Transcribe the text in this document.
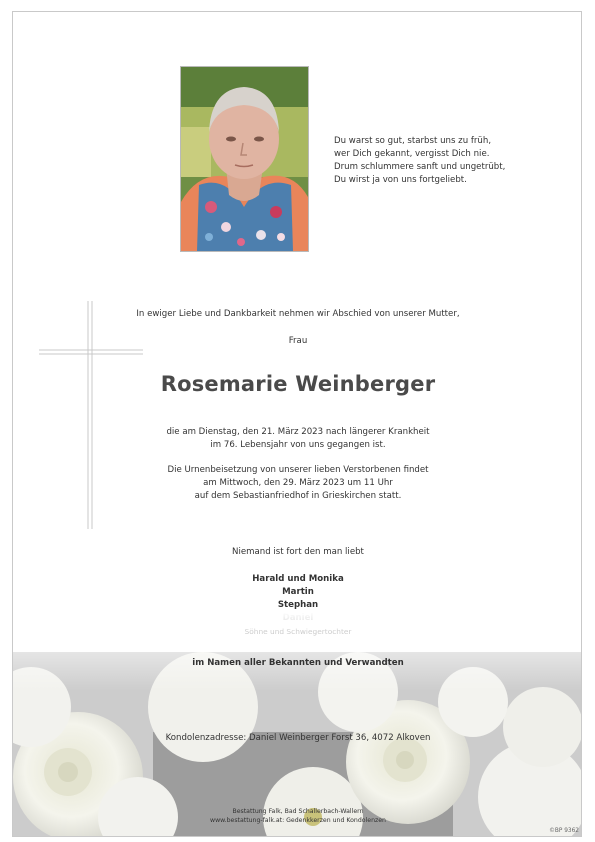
Du warst so gut, starbst uns zu früh,
wer Dich gekannt, vergisst Dich nie.
Drum schlummere sanft und ungetrübt,
Du wirst ja von uns fortgeliebt.
In ewiger Liebe und Dankbarkeit nehmen wir Abschied von unserer Mutter,
Frau
Rosemarie Weinberger
die am Dienstag, den 21. März 2023 nach längerer Krankheit
im 76. Lebensjahr von uns gegangen ist.
Die Urnenbeisetzung von unserer lieben Verstorbenen findet
am Mittwoch, den 29. März 2023 um 11 Uhr
auf dem Sebastianfriedhof in Grieskirchen statt.
Niemand ist fort den man liebt
Harald und Monika
Martin
Stephan
im Namen aller Bekannten und Verwandten
Kondolenzadresse: Daniel Weinberger Forst 36, 4072 Alkoven
Bestattung Falk, Bad Schallerbach-Wallern
www.bestattung-falk.at: Gedenkkerzen und Kondolenzen
©BP 9362
